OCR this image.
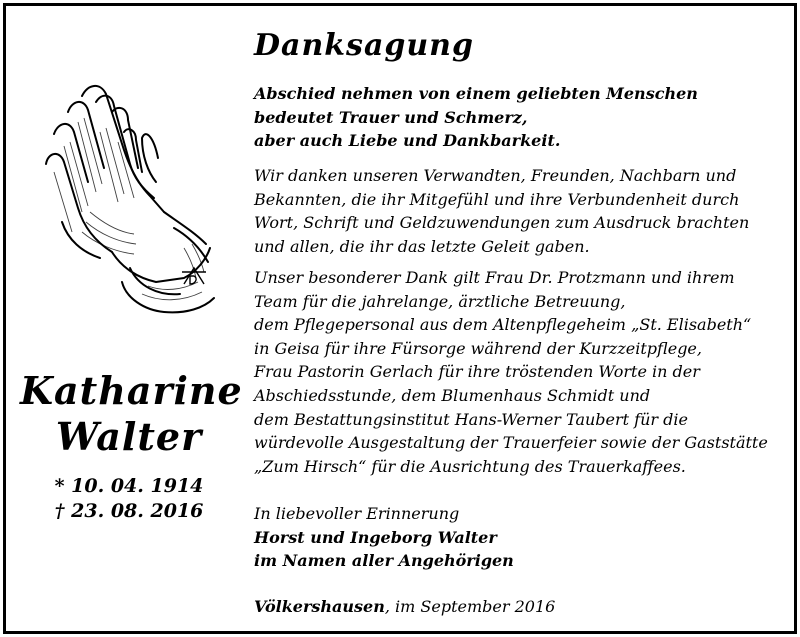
Katharine
Walter
* 10. 04. 1914
† 23. 08. 2016
Danksagung
Abschied nehmen von einem geliebten Menschen
bedeutet Trauer und Schmerz,
aber auch Liebe und Dankbarkeit.
Wir danken unseren Verwandten, Freunden, Nachbarn und
Bekannten, die ihr Mitgefühl und ihre Verbundenheit durch
Wort, Schrift und Geldzuwendungen zum Ausdruck brachten
und allen, die ihr das letzte Geleit gaben.
Unser besonderer Dank gilt Frau Dr. Protzmann und ihrem
Team für die jahrelange, ärztliche Betreuung,
dem Pflegepersonal aus dem Altenpflegeheim „St. Elisabeth“
in Geisa für ihre Fürsorge während der Kurzzeitpflege,
Frau Pastorin Gerlach für ihre tröstenden Worte in der
Abschiedsstunde, dem Blumenhaus Schmidt und
dem Bestattungsinstitut Hans-Werner Taubert für die
würdevolle Ausgestaltung der Trauerfeier sowie der Gaststätte
„Zum Hirsch“ für die Ausrichtung des Trauerkaffees.
In liebevoller Erinnerung
Horst und Ingeborg Walter
im Namen aller Angehörigen
Völkershausen, im September 2016
